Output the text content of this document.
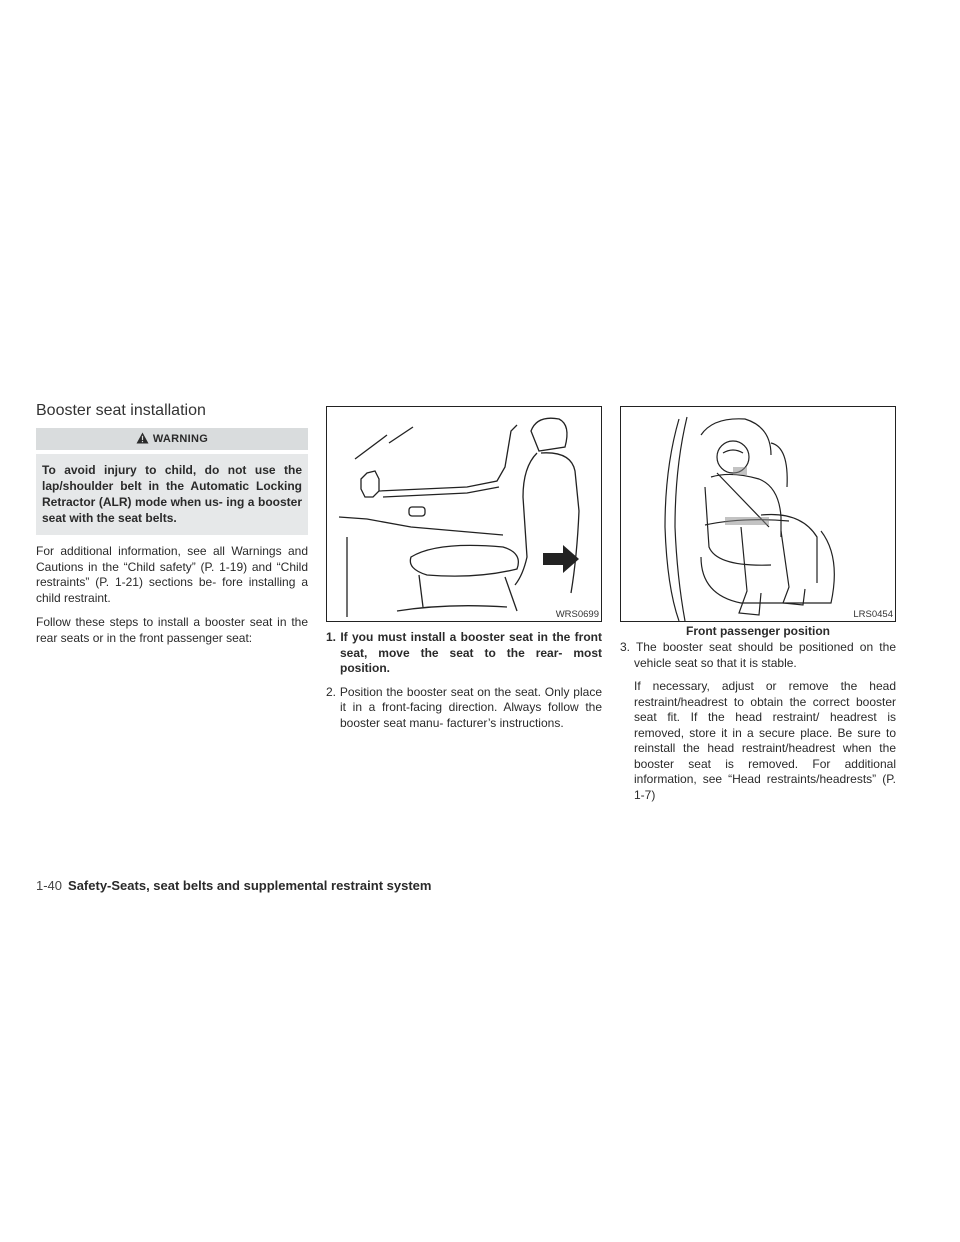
Booster seat installation
WARNING
To avoid injury to child, do not use the lap/shoulder belt in the Automatic Locking Retractor (ALR) mode when us- ing a booster seat with the seat belts.

For additional information, see all Warnings and Cautions in the “Child safety” (P. 1-19) and “Child restraints” (P. 1-21) sections be- fore installing a child restraint.

Follow these steps to install a booster seat in the rear seats or in the front passenger seat:

WRS0699

1. If you must install a booster seat in the front seat, move the seat to the rear- most position.

2. Position the booster seat on the seat. Only place it in a front-facing direction. Always follow the booster seat manu- facturer’s instructions.

LRS0454
Front passenger position

3. The booster seat should be positioned on the vehicle seat so that it is stable.

If necessary, adjust or remove the head restraint/headrest to obtain the correct booster seat fit. If the head restraint/ headrest is removed, store it in a secure place. Be sure to reinstall the head restraint/headrest when the booster seat is removed. For additional information, see “Head restraints/headrests” (P. 1-7)

1-40 Safety-Seats, seat belts and supplemental restraint system
